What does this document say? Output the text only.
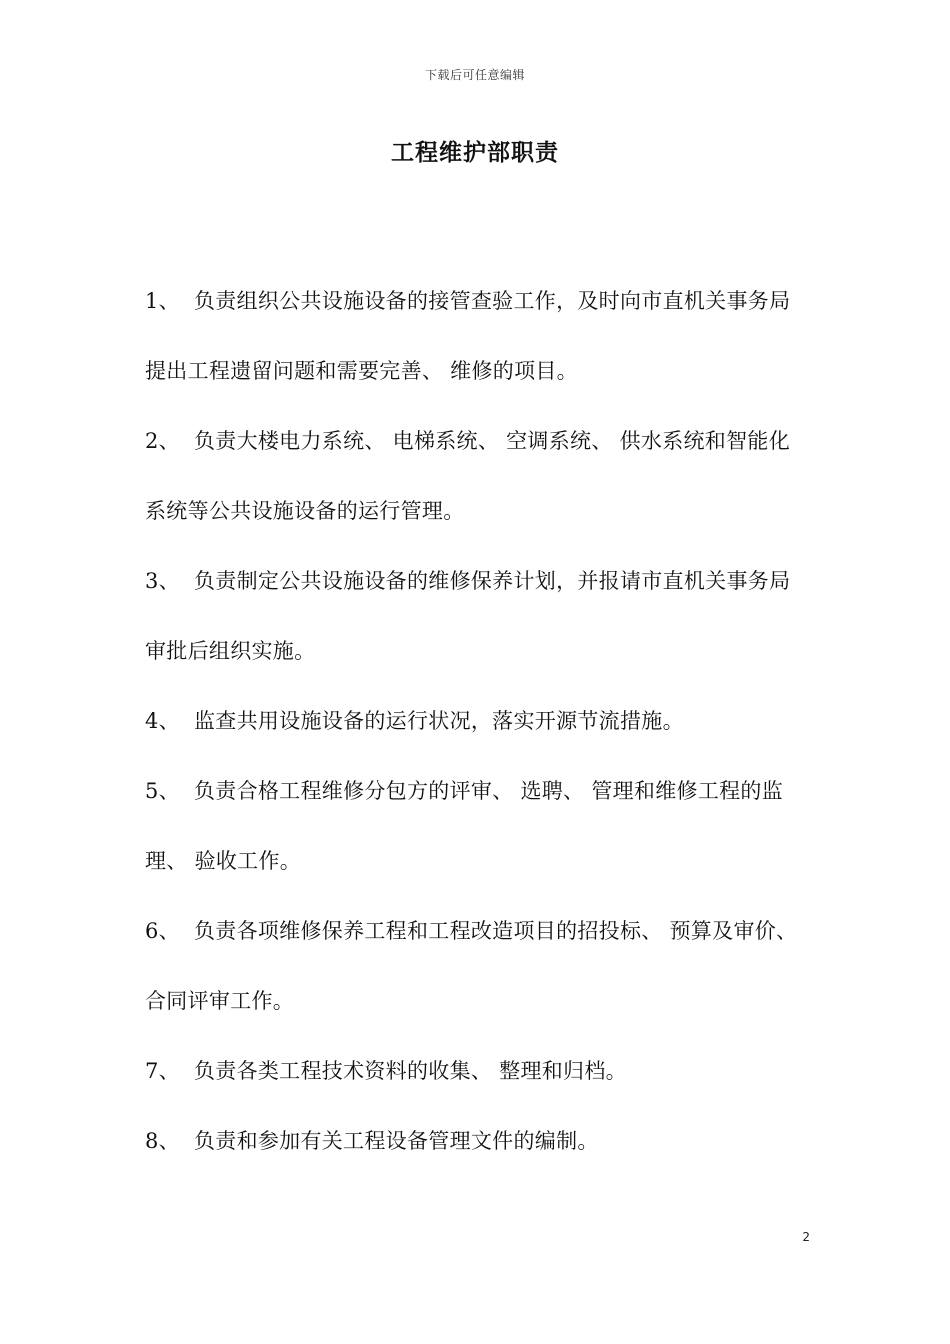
下载后可任意编辑
工程维护部职责

1、 负责组织公共设施设备的接管查验工作，及时向市直机关事务局提出工程遗留问题和需要完善、 维修的项目。

2、 负责大楼电力系统、 电梯系统、 空调系统、 供水系统和智能化系统等公共设施设备的运行管理。

3、 负责制定公共设施设备的维修保养计划，并报请市直机关事务局审批后组织实施。

4、 监查共用设施设备的运行状况，落实开源节流措施。

5、 负责合格工程维修分包方的评审、 选聘、 管理和维修工程的监理、 验收工作。

6、 负责各项维修保养工程和工程改造项目的招投标、 预算及审价、 合同评审工作。

7、 负责各类工程技术资料的收集、 整理和归档。

8、 负责和参加有关工程设备管理文件的编制。

2
